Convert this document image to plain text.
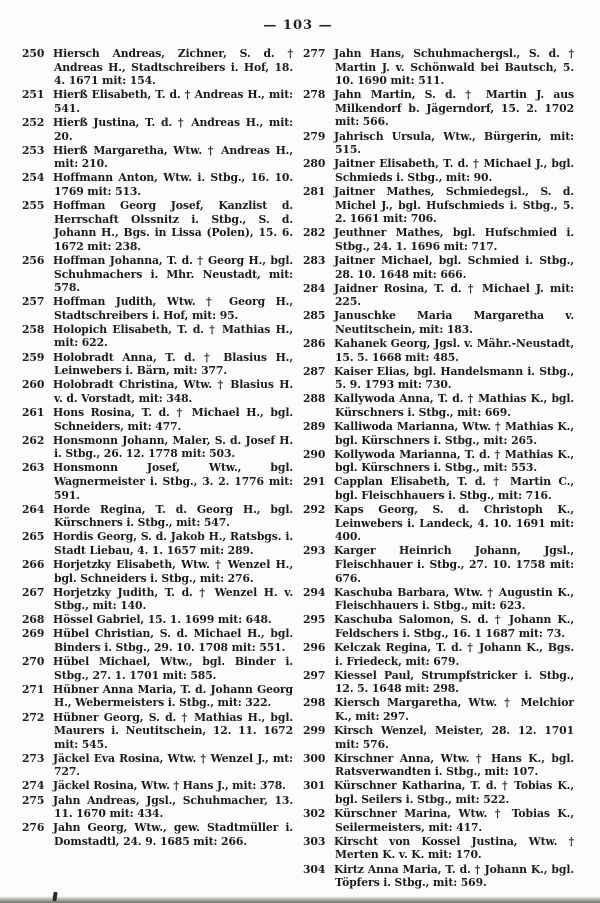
— 103 —
250 Hiersch Andreas, Zichner, S. d. † Andreas H., Stadtschreibers i. Hof, 18. 4. 1671 mit: 154.
251 Hierß Elisabeth, T. d. † Andreas H., mit: 541.
252 Hierß Justina, T. d. † Andreas H., mit: 20.
253 Hierß Margaretha, Wtw. † Andreas H., mit: 210.
254 Hoffmann Anton, Wtw. i. Stbg., 16. 10. 1769 mit: 513.
255 Hoffman Georg Josef, Kanzlist d. Herrschaft Olssnitz i. Stbg., S. d. Johann H., Bgs. in Lissa (Polen), 15. 6. 1672 mit: 238.
256 Hoffman Johanna, T. d. † Georg H., bgl. Schuhmachers i. Mhr. Neustadt, mit: 578.
257 Hoffman Judith, Wtw. † Georg H., Stadtschreibers i. Hof, mit: 95.
258 Holopich Elisabeth, T. d. † Mathias H., mit: 622.
259 Holobradt Anna, T. d. † Blasius H., Leinwebers i. Bärn, mit: 377.
260 Holobradt Christina, Wtw. † Blasius H. v. d. Vorstadt, mit: 348.
261 Hons Rosina, T. d. † Michael H., bgl. Schneiders, mit: 477.
262 Honsmonn Johann, Maler, S. d. Josef H. i. Stbg., 26. 12. 1778 mit: 503.
263 Honsmonn Josef, Wtw., bgl. Wagnermeister i. Stbg., 3. 2. 1776 mit: 591.
264 Horde Regina, T. d. Georg H., bgl. Kürschners i. Stbg., mit: 547.
265 Hordis Georg, S. d. Jakob H., Ratsbgs. i. Stadt Liebau, 4. 1. 1657 mit: 289.
266 Horjetzky Elisabeth, Wtw. † Wenzel H., bgl. Schneiders i. Stbg., mit: 276.
267 Horjetzky Judith, T. d. † Wenzel H. v. Stbg., mit: 140.
268 Hössel Gabriel, 15. 1. 1699 mit: 648.
269 Hübel Christian, S. d. Michael H., bgl. Binders i. Stbg., 29. 10. 1708 mit: 551.
270 Hübel Michael, Wtw., bgl. Binder i. Stbg., 27. 1. 1701 mit: 585.
271 Hübner Anna Maria, T. d. Johann Georg H., Webermeisters i. Stbg., mit: 322.
272 Hübner Georg, S. d. † Mathias H., bgl. Maurers i. Neutitschein, 12. 11. 1672 mit: 545.
273 Jäckel Eva Rosina, Wtw. † Wenzel J., mt: 727.
274 Jäckel Rosina, Wtw. † Hans J., mit: 378.
275 Jahn Andreas, Jgsl., Schuhmacher, 13. 11. 1670 mit: 434.
276 Jahn Georg, Wtw., gew. Stadtmüller i. Domstadtl, 24. 9. 1685 mit: 266.
277 Jahn Hans, Schuhmachergsl., S. d. † Martin J. v. Schönwald bei Bautsch, 5. 10. 1690 mit: 511.
278 Jahn Martin, S. d. † Martin J. aus Milkendorf b. Jägerndorf, 15. 2. 1702 mit: 566.
279 Jahrisch Ursula, Wtw., Bürgerin, mit: 515.
280 Jaitner Elisabeth, T. d. † Michael J., bgl. Schmieds i. Stbg., mit: 90.
281 Jaitner Mathes, Schmiedegsl., S. d. Michel J., bgl. Hufschmieds i. Stbg., 5. 2. 1661 mit: 706.
282 Jeuthner Mathes, bgl. Hufschmied i. Stbg., 24. 1. 1696 mit: 717.
283 Jaitner Michael, bgl. Schmied i. Stbg., 28. 10. 1648 mit: 666.
284 Jaidner Rosina, T. d. † Michael J. mit: 225.
285 Januschke Maria Margaretha v. Neutitschein, mit: 183.
286 Kahanek Georg, Jgsl. v. Mähr.-Neustadt, 15. 5. 1668 mit: 485.
287 Kaiser Elias, bgl. Handelsmann i. Stbg., 5. 9. 1793 mit: 730.
288 Kallywoda Anna, T. d. † Mathias K., bgl. Kürschners i. Stbg., mit: 669.
289 Kalliwoda Marianna, Wtw. † Mathias K., bgl. Kürschners i. Stbg., mit: 265.
290 Kollywoda Marianna, T. d. † Mathias K., bgl. Kürschners i. Stbg., mit: 553.
291 Capplan Elisabeth, T. d. † Martin C., bgl. Fleischhauers i. Stbg., mit: 716.
292 Kaps Georg, S. d. Christoph K., Leinwebers i. Landeck, 4. 10. 1691 mit: 400.
293 Karger Heinrich Johann, Jgsl., Fleischhauer i. Stbg., 27. 10. 1758 mit: 676.
294 Kaschuba Barbara, Wtw. † Augustin K., Fleischhauers i. Stbg., mit: 623.
295 Kaschuba Salomon, S. d. † Johann K., Feldschers i. Stbg., 16. 1 1687 mit: 73.
296 Kelczak Regina, T. d. † Johann K., Bgs. i. Friedeck, mit: 679.
297 Kiessel Paul, Strumpfstricker i. Stbg., 12. 5. 1648 mit: 298.
298 Kiersch Margaretha, Wtw. † Melchior K., mit: 297.
299 Kirsch Wenzel, Meister, 28. 12. 1701 mit: 576.
300 Kirschner Anna, Wtw. † Hans K., bgl. Ratsverwandten i. Stbg., mit: 107.
301 Kürschner Katharina, T. d. † Tobias K., bgl. Seilers i. Stbg., mit: 522.
302 Kürschner Marina, Wtw. † Tobias K., Seilermeisters, mit: 417.
303 Kirscht von Kossel Justina, Wtw. † Merten K. v. K. mit: 170.
304 Kirtz Anna Maria, T. d. † Johann K., bgl. Töpfers i. Stbg., mit: 569.
